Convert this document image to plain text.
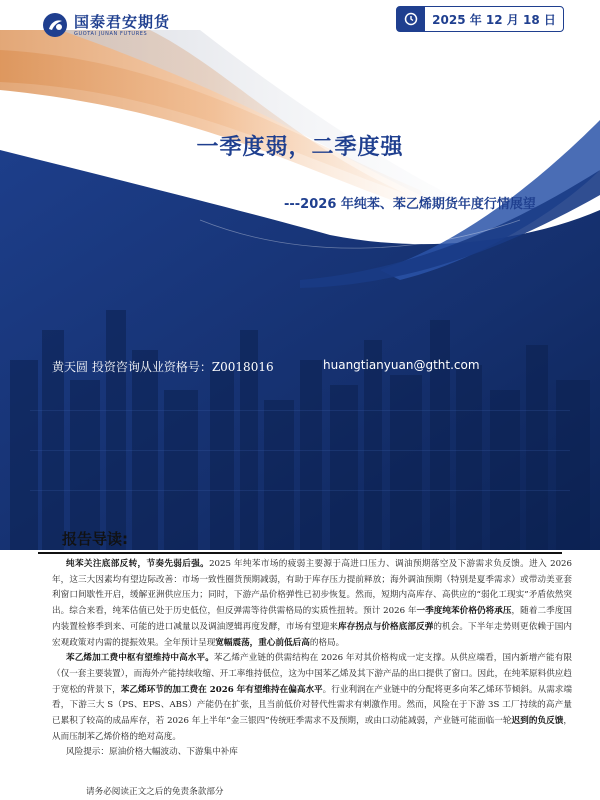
国泰君安期货
GUOTAI JUNAN FUTURES
2025 年 12 月 18 日
一季度弱，二季度强
---2026 年纯苯、苯乙烯期货年度行情展望
黄天圆 投资咨询从业资格号：Z0018016	huangtianyuan@gtht.com
报告导读:

纯苯关注底部反转，节奏先弱后强。2025 年纯苯市场的疲弱主要源于高进口压力、调油预期落空及下游需求负反馈。进入 2026 年，这三大因素均有望边际改善：市场一致性圈货预期减弱，有助于库存压力提前释放；海外调油预期（特别是夏季需求）或带动美亚套利窗口间歇性开启，缓解亚洲供应压力；同时，下游产品价格弹性已初步恢复。然而，短期内高库存、高供应的“弱化工现实”矛盾依然突出。综合来看，纯苯估值已处于历史低位，但反弹需等待供需格局的实质性扭转。预计 2026 年一季度纯苯价格仍将承压，随着二季度国内装置检修季到来、可能的进口减量以及调油逻辑再度发酵，市场有望迎来库存拐点与价格底部反弹的机会。下半年走势则更依赖于国内宏观政策对内需的提振效果。全年预计呈现宽幅震荡，重心前低后高的格局。

苯乙烯加工费中枢有望维持中高水平。苯乙烯产业链的供需结构在 2026 年对其价格构成一定支撑。从供应端看，国内新增产能有限（仅一套主要装置），而海外产能持续收缩、开工率维持低位，这为中国苯乙烯及其下游产品的出口提供了窗口。因此，在纯苯原料供应趋于宽松的背景下，苯乙烯环节的加工费在 2026 年有望维持在偏高水平。行业利润在产业链中的分配将更多向苯乙烯环节倾斜。从需求端看，下游三大 S（PS、EPS、ABS）产能仍在扩张，且当前低价对替代性需求有刺激作用。然而，风险在于下游 3S 工厂持续的高产量已累积了较高的成品库存，若 2026 年上半年“金三银四”传统旺季需求不及预期，或由口动能减弱，产业链可能面临一轮迟到的负反馈，从而压制苯乙烯价格的绝对高度。

风险提示：原油价格大幅波动、下游集中补库

请务必阅读正文之后的免责条款部分
